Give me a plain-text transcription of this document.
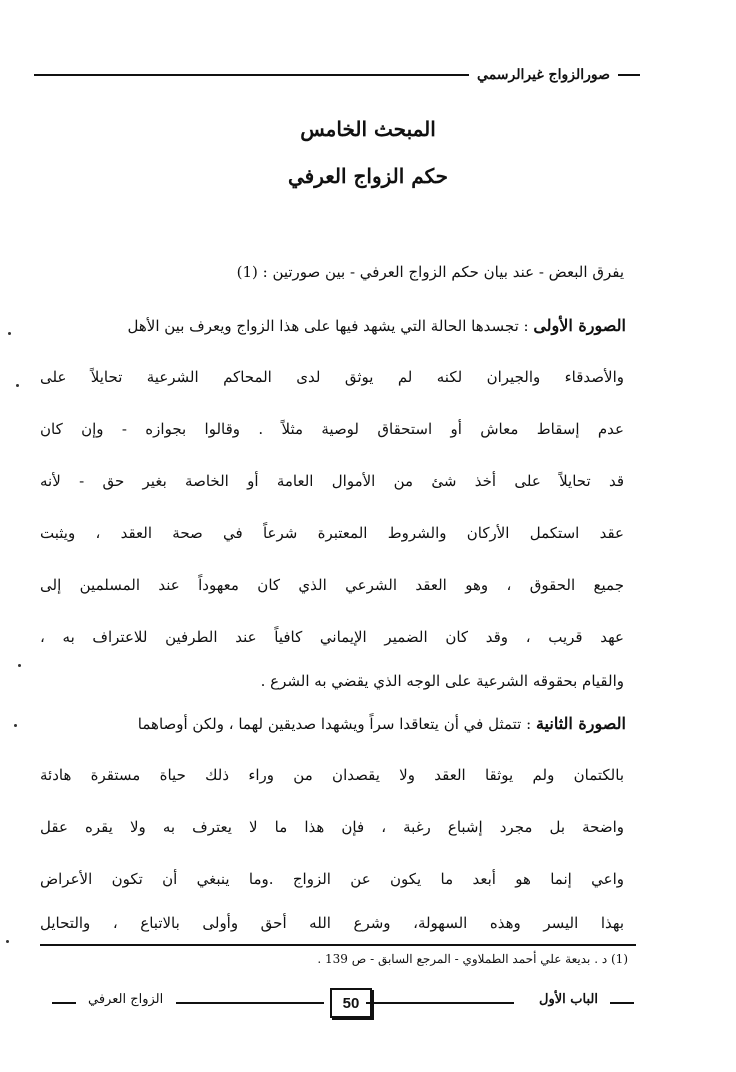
صورالزواج غيرالرسمي
المبحث الخامس
حكم الزواج العرفي
يفرق البعض - عند بيان حكم الزواج العرفي - بين صورتين : (1)
الصورة الأولى : تجسدها الحالة التي يشهد فيها على هذا الزواج ويعرف بين الأهل
والأصدقاء والجيران لكنه لم يوثق لدى المحاكم الشرعية تحايلاً على
عدم إسقاط معاش أو استحقاق لوصية مثلاً . وقالوا بجوازه - وإن كان
قد تحايلاً على أخذ شئ من الأموال العامة أو الخاصة بغير حق - لأنه
عقد استكمل الأركان والشروط المعتبرة شرعاً في صحة العقد ، ويثبت
جميع الحقوق ، وهو العقد الشرعي الذي كان معهوداً عند المسلمين إلى
عهد قريب ، وقد كان الضمير الإيماني كافياً عند الطرفين للاعتراف به ،
والقيام بحقوقه الشرعية على الوجه الذي يقضي به الشرع .
الصورة الثانية : تتمثل في أن يتعاقدا سراً ويشهدا صديقين لهما ، ولكن أوصاهما
بالكتمان ولم يوثقا العقد ولا يقصدان من وراء ذلك حياة مستقرة هادئة
واضحة بل مجرد إشباع رغبة ، فإن هذا ما لا يعترف به ولا يقره عقل
واعي إنما هو أبعد ما يكون عن الزواج .وما ينبغي أن تكون الأعراض
بهذا اليسر وهذه السهولة، وشرع الله أحق وأولى بالاتباع ، والتحايل
(1) د . بديعة علي أحمد الطملاوي - المرجع السابق - ص 139 .
الباب الأول
50
الزواج العرفي
